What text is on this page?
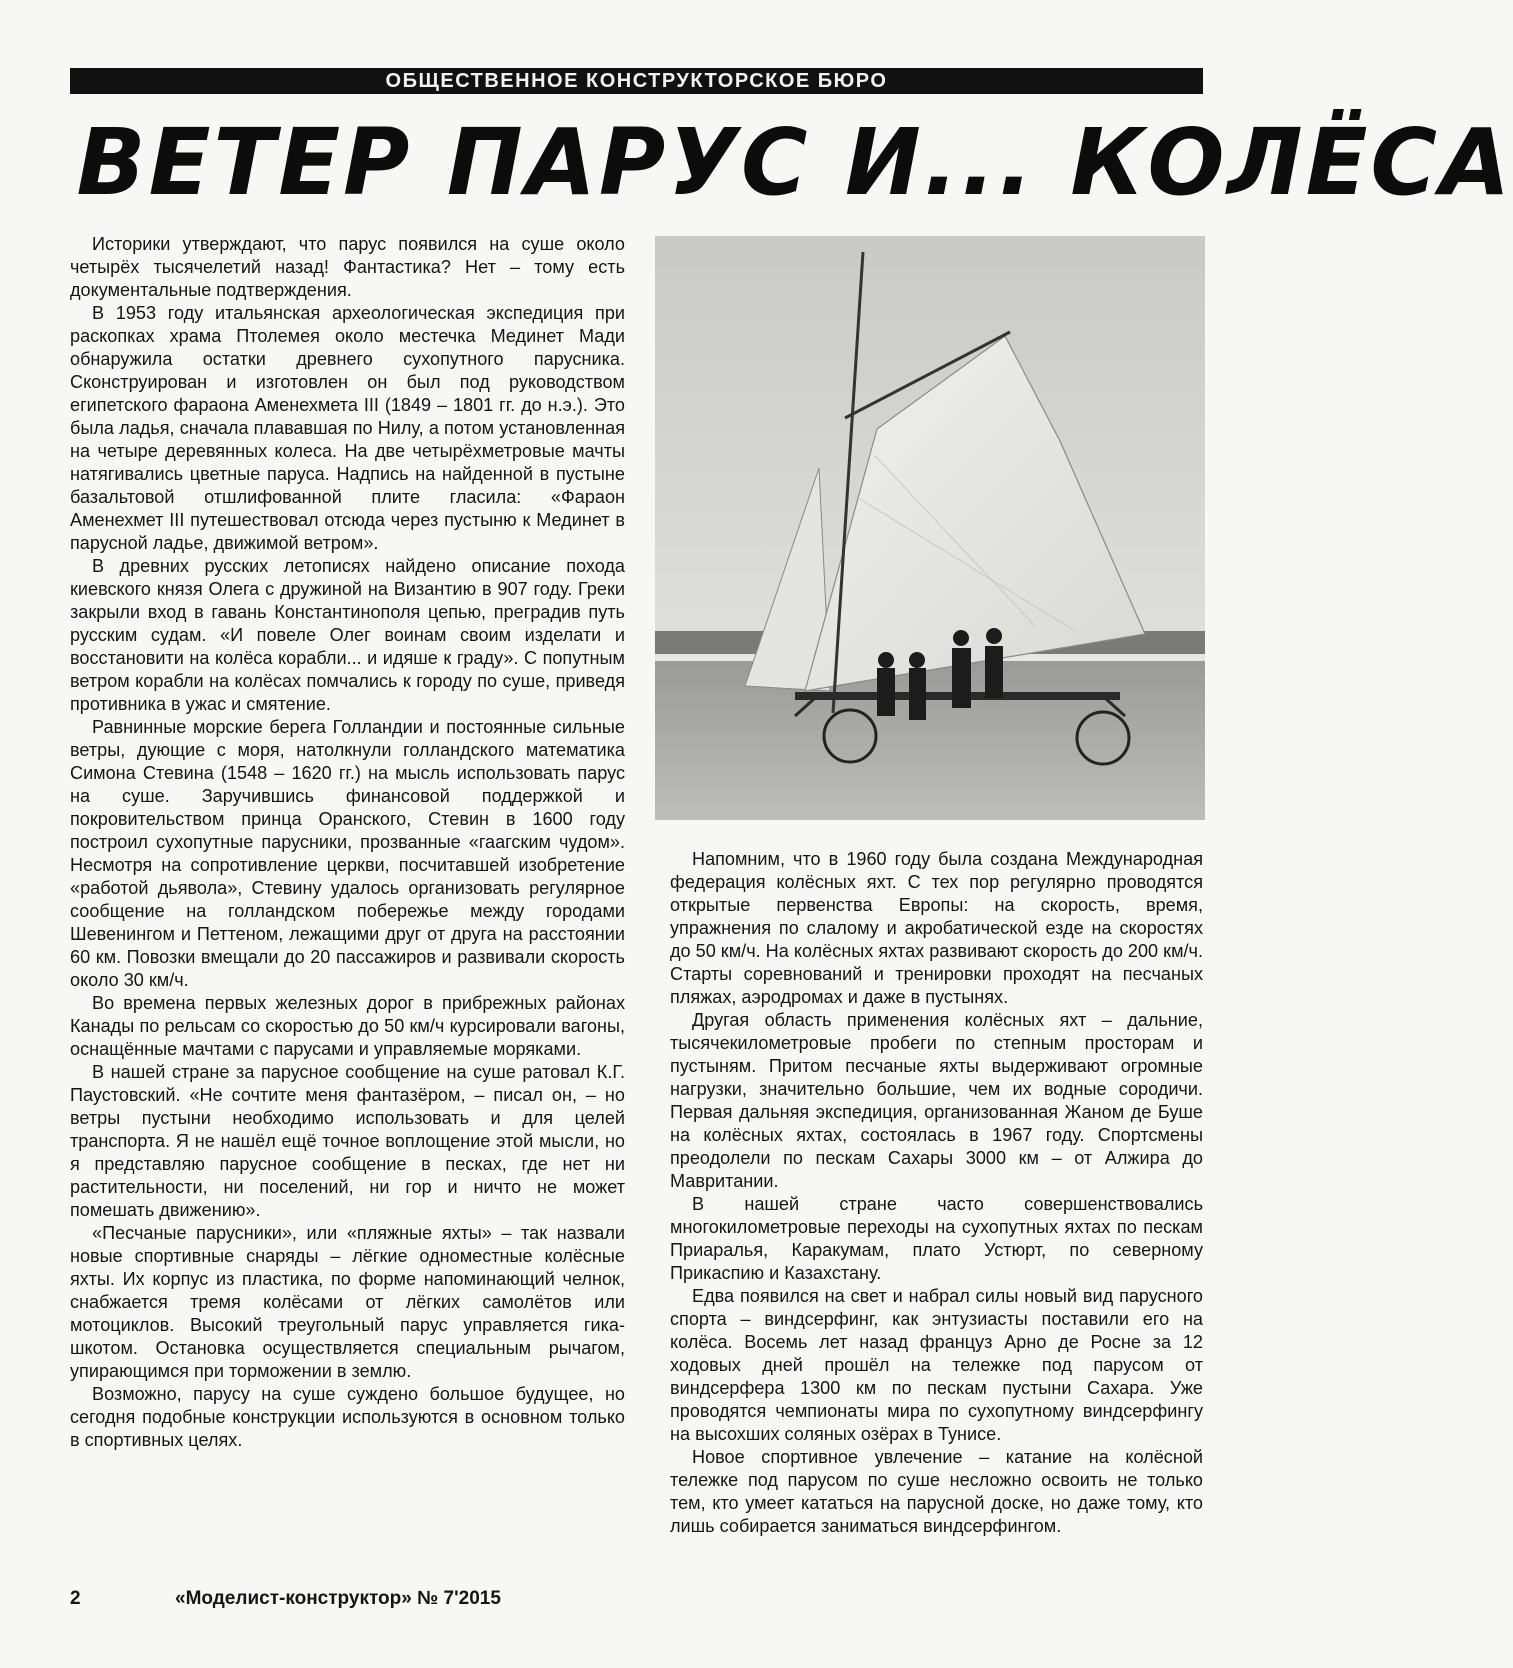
ОБЩЕСТВЕННОЕ КОНСТРУКТОРСКОЕ БЮРО
ВЕТЕР ПАРУС И... КОЛЁСА

Историки утверждают, что парус появился на суше около четырёх тысячелетий назад! Фантастика? Нет – тому есть документальные подтверждения.

В 1953 году итальянская археологическая экспедиция при раскопках храма Птолемея около местечка Мединет Мади обнаружила остатки древнего сухопутного парусника. Сконструирован и изготовлен он был под руководством египетского фараона Аменехмета III (1849 – 1801 гг. до н.э.). Это была ладья, сначала плававшая по Нилу, а потом установленная на четыре деревянных колеса. На две четырёхметровые мачты натягивались цветные паруса. Надпись на найденной в пустыне базальтовой отшлифованной плите гласила: «Фараон Аменехмет III путешествовал отсюда через пустыню к Мединет в парусной ладье, движимой ветром».

В древних русских летописях найдено описание похода киевского князя Олега с дружиной на Византию в 907 году. Греки закрыли вход в гавань Константинополя цепью, преградив путь русским судам. «И повеле Олег воинам своим изделати и восстановити на колёса корабли... и идяше к граду». С попутным ветром корабли на колёсах помчались к городу по суше, приведя противника в ужас и смятение.

Равнинные морские берега Голландии и постоянные сильные ветры, дующие с моря, натолкнули голландского математика Симона Стевина (1548 – 1620 гг.) на мысль использовать парус на суше. Заручившись финансовой поддержкой и покровительством принца Оранского, Стевин в 1600 году построил сухопутные парусники, прозванные «гаагским чудом». Несмотря на сопротивление церкви, посчитавшей изобретение «работой дьявола», Стевину удалось организовать регулярное сообщение на голландском побережье между городами Шевенингом и Петтеном, лежащими друг от друга на расстоянии 60 км. Повозки вмещали до 20 пассажиров и развивали скорость около 30 км/ч.

Во времена первых железных дорог в прибрежных районах Канады по рельсам со скоростью до 50 км/ч курсировали вагоны, оснащённые мачтами с парусами и управляемые моряками.

В нашей стране за парусное сообщение на суше ратовал К.Г. Паустовский. «Не сочтите меня фантазёром, – писал он, – но ветры пустыни необходимо использовать и для целей транспорта. Я не нашёл ещё точное воплощение этой мысли, но я представляю парусное сообщение в песках, где нет ни растительности, ни поселений, ни гор и ничто не может помешать движению».

«Песчаные парусники», или «пляжные яхты» – так назвали новые спортивные снаряды – лёгкие одноместные колёсные яхты. Их корпус из пластика, по форме напоминающий челнок, снабжается тремя колёсами от лёгких самолётов или мотоциклов. Высокий треугольный парус управляется гика-шкотом. Остановка осуществляется специальным рычагом, упирающимся при торможении в землю.

Возможно, парусу на суше суждено большое будущее, но сегодня подобные конструкции используются в основном только в спортивных целях.

Напомним, что в 1960 году была создана Международная федерация колёсных яхт. С тех пор регулярно проводятся открытые первенства Европы: на скорость, время, упражнения по слалому и акробатической езде на скоростях до 50 км/ч. На колёсных яхтах развивают скорость до 200 км/ч. Старты соревнований и тренировки проходят на песчаных пляжах, аэродромах и даже в пустынях.

Другая область применения колёсных яхт – дальние, тысячекилометровые пробеги по степным просторам и пустыням. Притом песчаные яхты выдерживают огромные нагрузки, значительно большие, чем их водные сородичи. Первая дальняя экспедиция, организованная Жаном де Буше на колёсных яхтах, состоялась в 1967 году. Спортсмены преодолели по пескам Сахары 3000 км – от Алжира до Мавритании.

В нашей стране часто совершенствовались многокилометровые переходы на сухопутных яхтах по пескам Приаралья, Каракумам, плато Устюрт, по северному Прикаспию и Казахстану.

Едва появился на свет и набрал силы новый вид парусного спорта – виндсерфинг, как энтузиасты поставили его на колёса. Восемь лет назад француз Арно де Росне за 12 ходовых дней прошёл на тележке под парусом от виндсерфера 1300 км по пескам пустыни Сахара. Уже проводятся чемпионаты мира по сухопутному виндсерфингу на высохших соляных озёрах в Тунисе.

Новое спортивное увлечение – катание на колёсной тележке под парусом по суше несложно освоить не только тем, кто умеет кататься на парусной доске, но даже тому, кто лишь собирается заниматься виндсерфингом.

2	«Моделист-конструктор» № 7'2015
